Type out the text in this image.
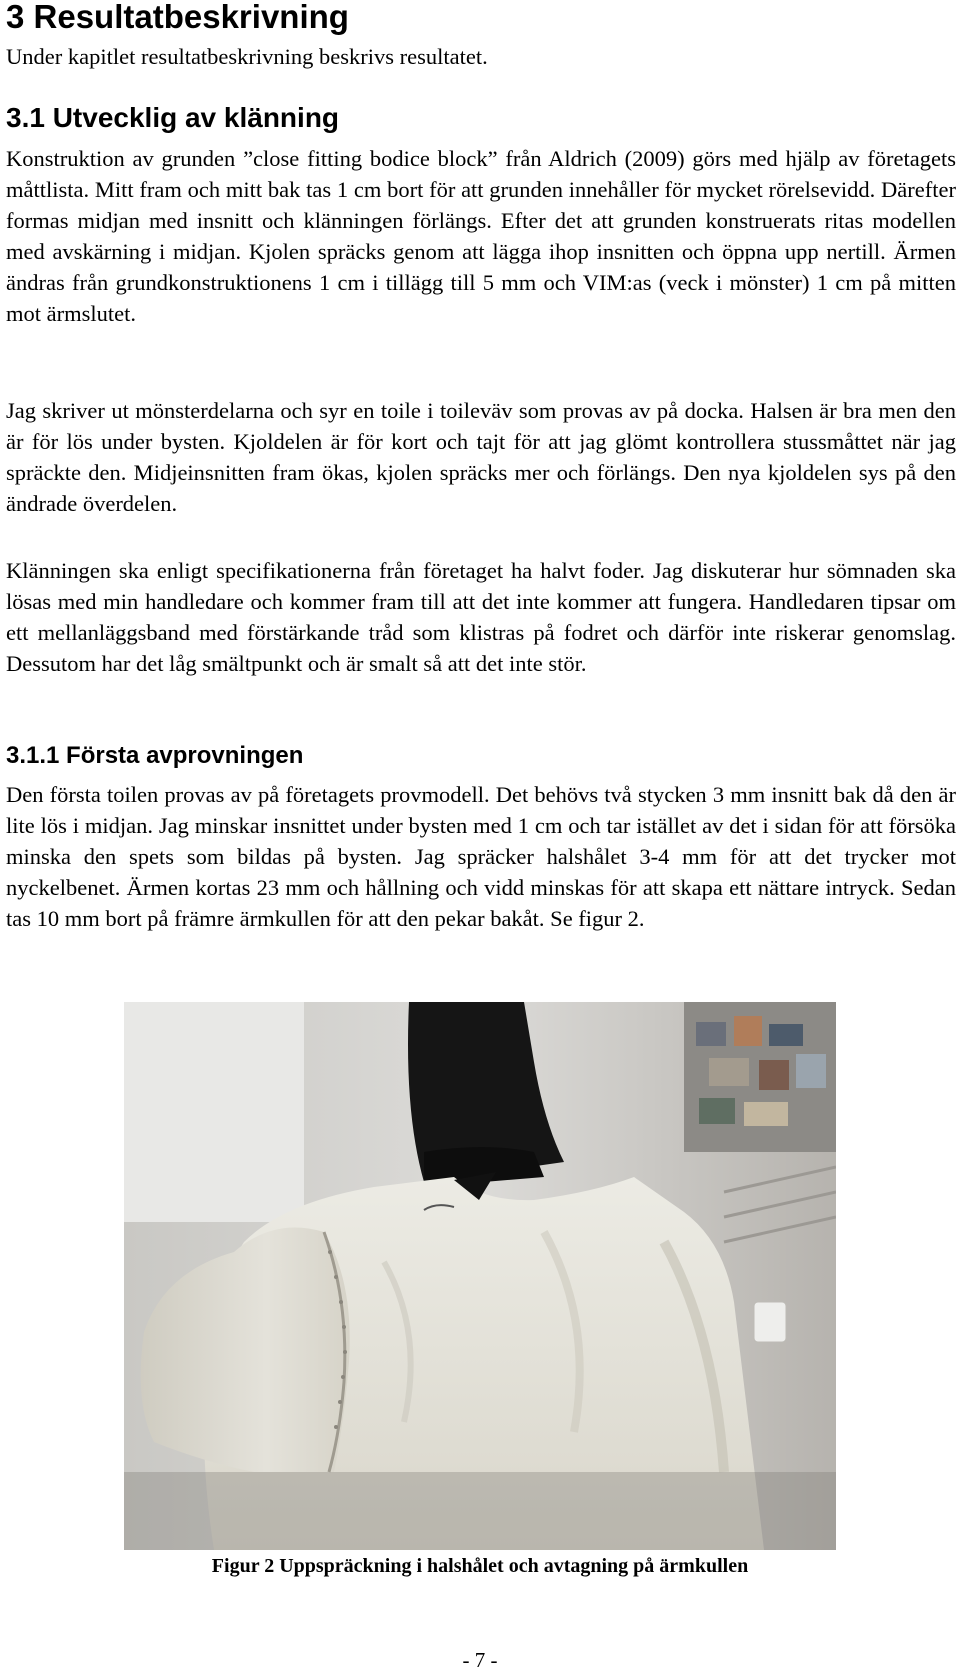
3 Resultatbeskrivning

Under kapitlet resultatbeskrivning beskrivs resultatet.

3.1 Utvecklig av klänning

Konstruktion av grunden ”close fitting bodice block” från Aldrich (2009) görs med hjälp av företagets måttlista. Mitt fram och mitt bak tas 1 cm bort för att grunden innehåller för mycket rörelsevidd. Därefter formas midjan med insnitt och klänningen förlängs. Efter det att grunden konstruerats ritas modellen med avskärning i midjan. Kjolen spräcks genom att lägga ihop insnitten och öppna upp nertill. Ärmen ändras från grundkonstruktionens 1 cm i tillägg till 5 mm och VIM:as (veck i mönster) 1 cm på mitten mot ärmslutet.

Jag skriver ut mönsterdelarna och syr en toile i toileväv som provas av på docka. Halsen är bra men den är för lös under bysten. Kjoldelen är för kort och tajt för att jag glömt kontrollera stussmåttet när jag spräckte den. Midjeinsnitten fram ökas, kjolen spräcks mer och förlängs. Den nya kjoldelen sys på den ändrade överdelen.

Klänningen ska enligt specifikationerna från företaget ha halvt foder. Jag diskuterar hur sömnaden ska lösas med min handledare och kommer fram till att det inte kommer att fungera. Handledaren tipsar om ett mellanläggsband med förstärkande tråd som klistras på fodret och därför inte riskerar genomslag. Dessutom har det låg smältpunkt och är smalt så att det inte stör.

3.1.1 Första avprovningen

Den första toilen provas av på företagets provmodell. Det behövs två stycken 3 mm insnitt bak då den är lite lös i midjan. Jag minskar insnittet under bysten med 1 cm och tar istället av det i sidan för att försöka minska den spets som bildas på bysten. Jag spräcker halshålet 3-4 mm för att det trycker mot nyckelbenet. Ärmen kortas 23 mm och hållning och vidd minskas för att skapa ett nättare intryck. Sedan tas 10 mm bort på främre ärmkullen för att den pekar bakåt. Se figur 2.

Figur 2 Uppspräckning i halshålet och avtagning på ärmkullen

- 7 -
